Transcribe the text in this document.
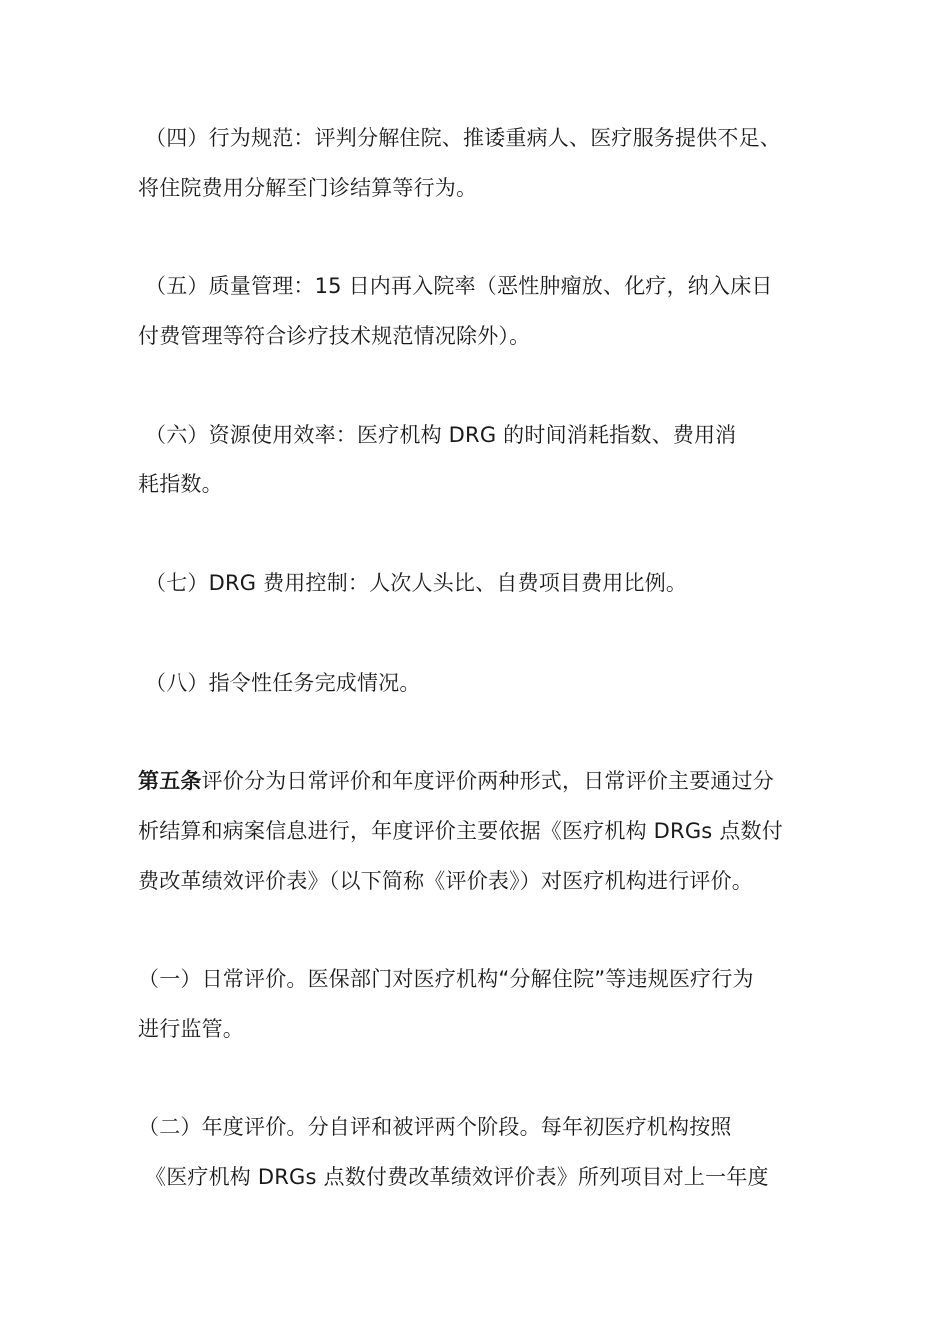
（四）行为规范：评判分解住院、推诿重病人、医疗服务提供不足、
将住院费用分解至门诊结算等行为。
（五）质量管理：15 日内再入院率（恶性肿瘤放、化疗，纳入床日
付费管理等符合诊疗技术规范情况除外）。
（六）资源使用效率：医疗机构 DRG 的时间消耗指数、费用消
耗指数。
（七）DRG 费用控制：人次人头比、自费项目费用比例。
（八）指令性任务完成情况。
第五条评价分为日常评价和年度评价两种形式，日常评价主要通过分
析结算和病案信息进行，年度评价主要依据《医疗机构 DRGs 点数付
费改革绩效评价表》（以下简称《评价表》）对医疗机构进行评价。
（一）日常评价。医保部门对医疗机构“分解住院”等违规医疗行为
进行监管。
（二）年度评价。分自评和被评两个阶段。每年初医疗机构按照
《医疗机构 DRGs 点数付费改革绩效评价表》所列项目对上一年度
